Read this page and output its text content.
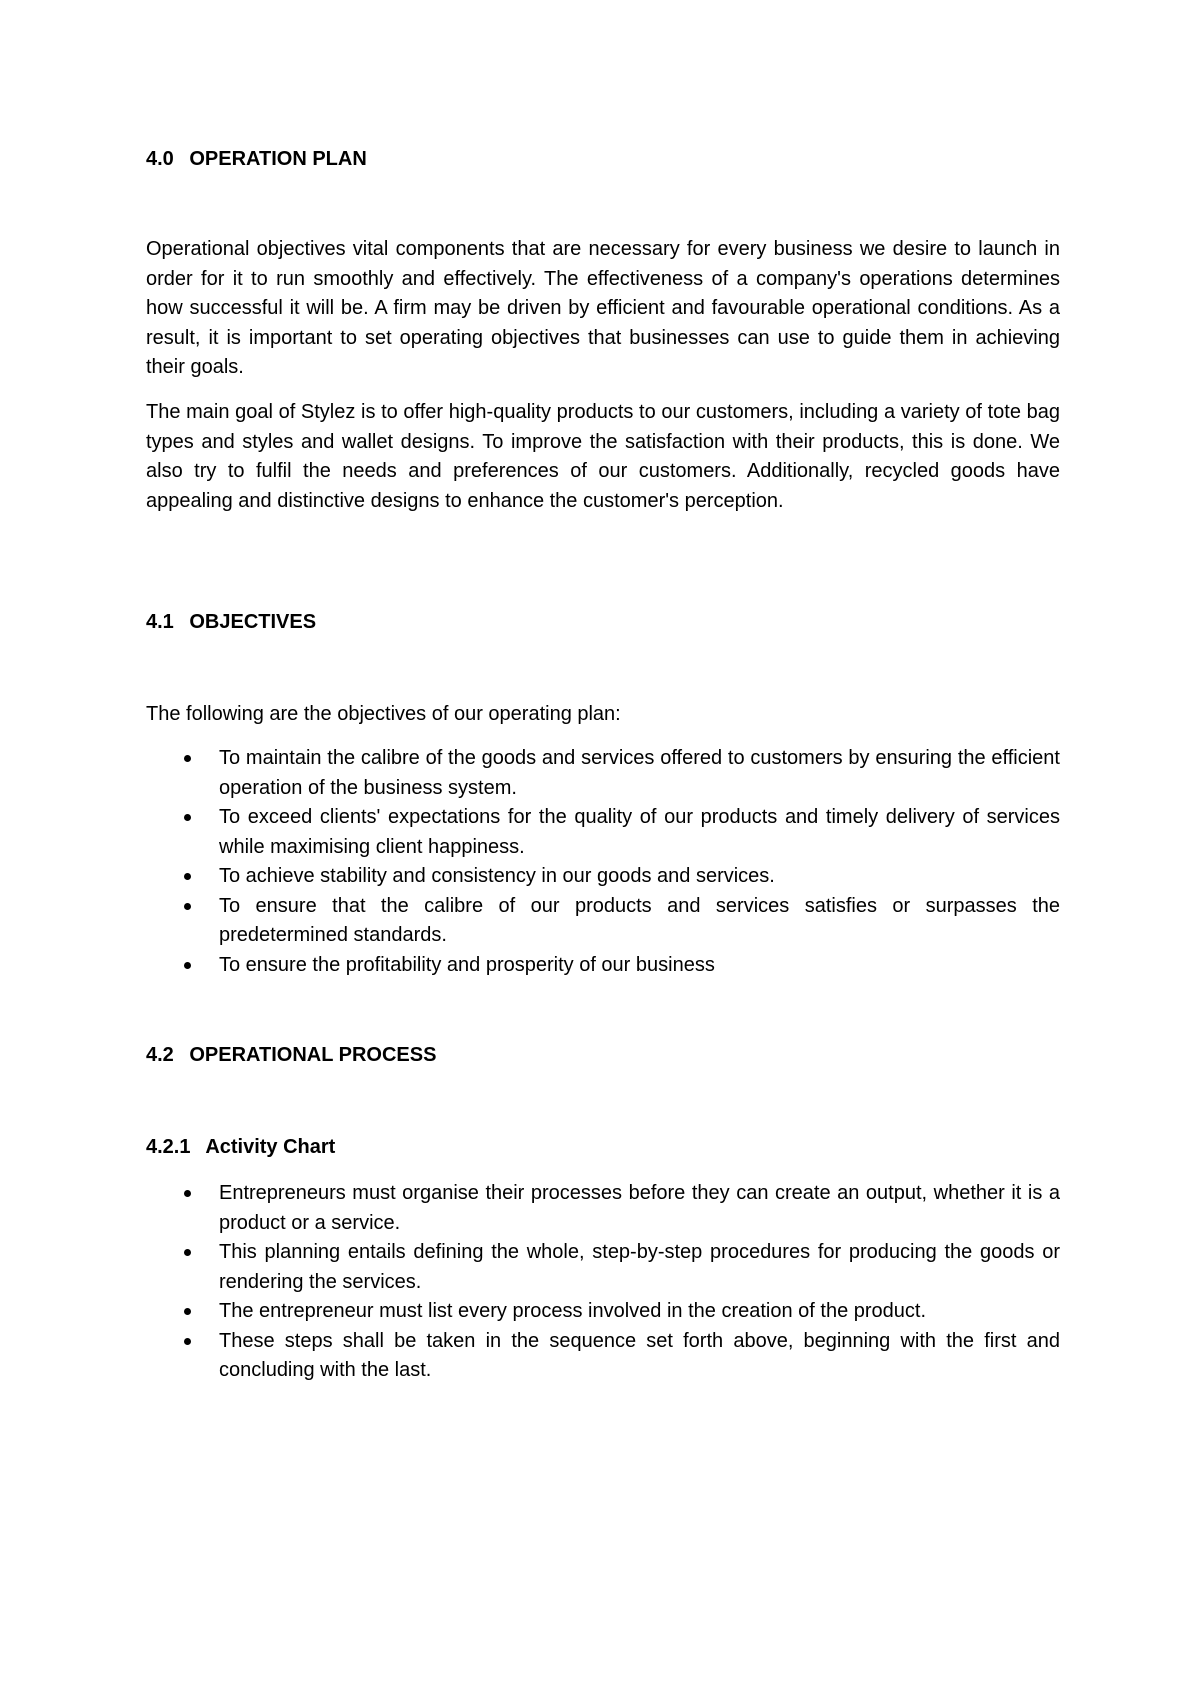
4.0 OPERATION PLAN

Operational objectives vital components that are necessary for every business we desire to launch in order for it to run smoothly and effectively. The effectiveness of a company's operations determines how successful it will be. A firm may be driven by efficient and favourable operational conditions. As a result, it is important to set operating objectives that businesses can use to guide them in achieving their goals.

The main goal of Stylez is to offer high-quality products to our customers, including a variety of tote bag types and styles and wallet designs. To improve the satisfaction with their products, this is done. We also try to fulfil the needs and preferences of our customers. Additionally, recycled goods have appealing and distinctive designs to enhance the customer's perception.

4.1 OBJECTIVES

The following are the objectives of our operating plan:

To maintain the calibre of the goods and services offered to customers by ensuring the efficient operation of the business system.
To exceed clients' expectations for the quality of our products and timely delivery of services while maximising client happiness.
To achieve stability and consistency in our goods and services.
To ensure that the calibre of our products and services satisfies or surpasses the predetermined standards.
To ensure the profitability and prosperity of our business
4.2 OPERATIONAL PROCESS
4.2.1 Activity Chart
Entrepreneurs must organise their processes before they can create an output, whether it is a product or a service.
This planning entails defining the whole, step-by-step procedures for producing the goods or rendering the services.
The entrepreneur must list every process involved in the creation of the product.
These steps shall be taken in the sequence set forth above, beginning with the first and concluding with the last.
